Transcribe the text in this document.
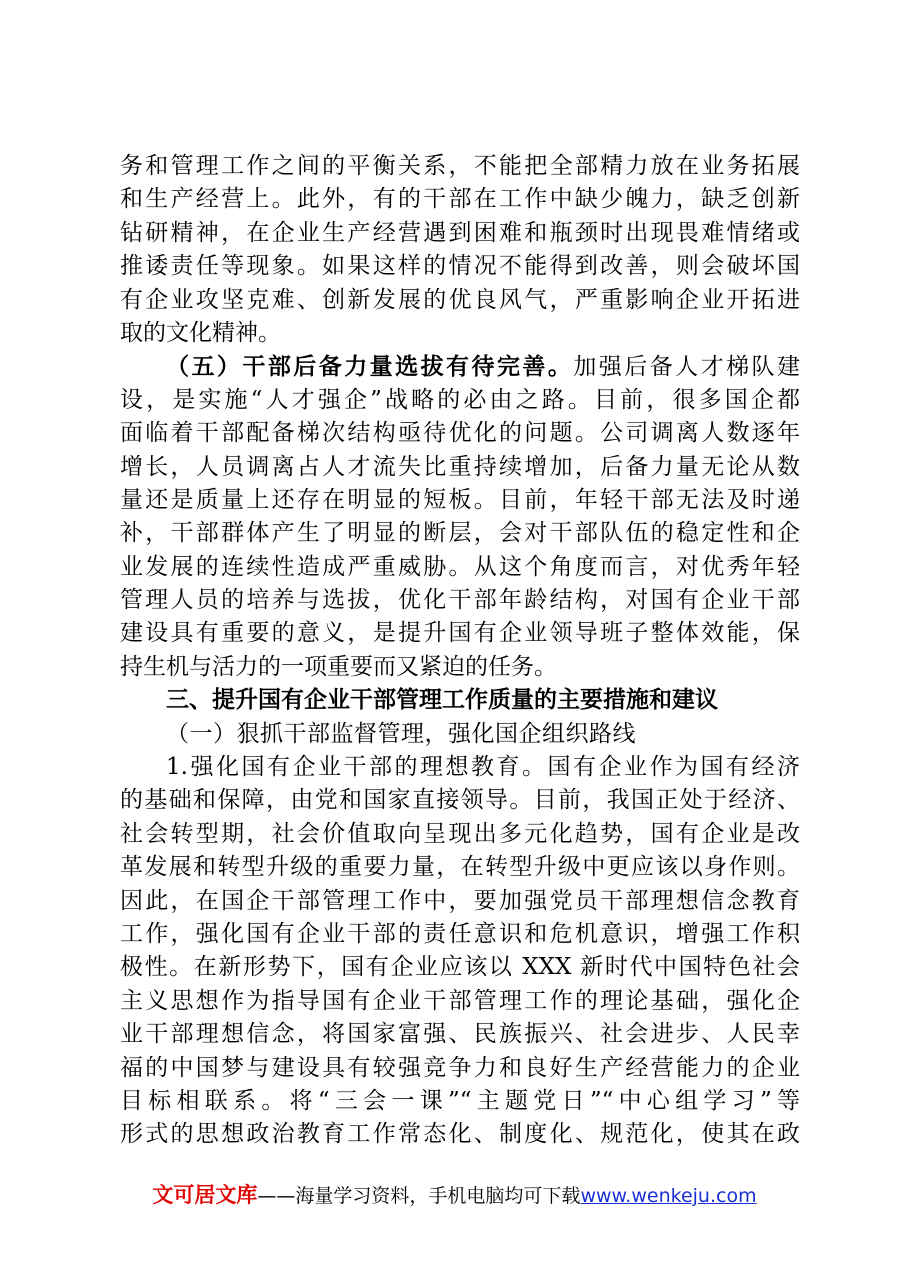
务和管理工作之间的平衡关系，不能把全部精力放在业务拓展
和生产经营上。此外，有的干部在工作中缺少魄力，缺乏创新
钻研精神，在企业生产经营遇到困难和瓶颈时出现畏难情绪或
推诿责任等现象。如果这样的情况不能得到改善，则会破坏国
有企业攻坚克难、创新发展的优良风气，严重影响企业开拓进
取的文化精神。
（五）干部后备力量选拔有待完善。加强后备人才梯队建
设，是实施“人才强企”战略的必由之路。目前，很多国企都
面临着干部配备梯次结构亟待优化的问题。公司调离人数逐年
增长，人员调离占人才流失比重持续增加，后备力量无论从数
量还是质量上还存在明显的短板。目前，年轻干部无法及时递
补，干部群体产生了明显的断层，会对干部队伍的稳定性和企
业发展的连续性造成严重威胁。从这个角度而言，对优秀年轻
管理人员的培养与选拔，优化干部年龄结构，对国有企业干部
建设具有重要的意义，是提升国有企业领导班子整体效能，保
持生机与活力的一项重要而又紧迫的任务。
三、提升国有企业干部管理工作质量的主要措施和建议
（一）狠抓干部监督管理，强化国企组织路线
1.强化国有企业干部的理想教育。国有企业作为国有经济
的基础和保障，由党和国家直接领导。目前，我国正处于经济、
社会转型期，社会价值取向呈现出多元化趋势，国有企业是改
革发展和转型升级的重要力量，在转型升级中更应该以身作则。
因此，在国企干部管理工作中，要加强党员干部理想信念教育
工作，强化国有企业干部的责任意识和危机意识，增强工作积
极性。在新形势下，国有企业应该以 XXX 新时代中国特色社会
主义思想作为指导国有企业干部管理工作的理论基础，强化企
业干部理想信念，将国家富强、民族振兴、社会进步、人民幸
福的中国梦与建设具有较强竞争力和良好生产经营能力的企业
目标相联系。将“三会一课”“主题党日”“中心组学习”等
形式的思想政治教育工作常态化、制度化、规范化，使其在政
文可居文库——海量学习资料，手机电脑均可下载www.wenkeju.com
